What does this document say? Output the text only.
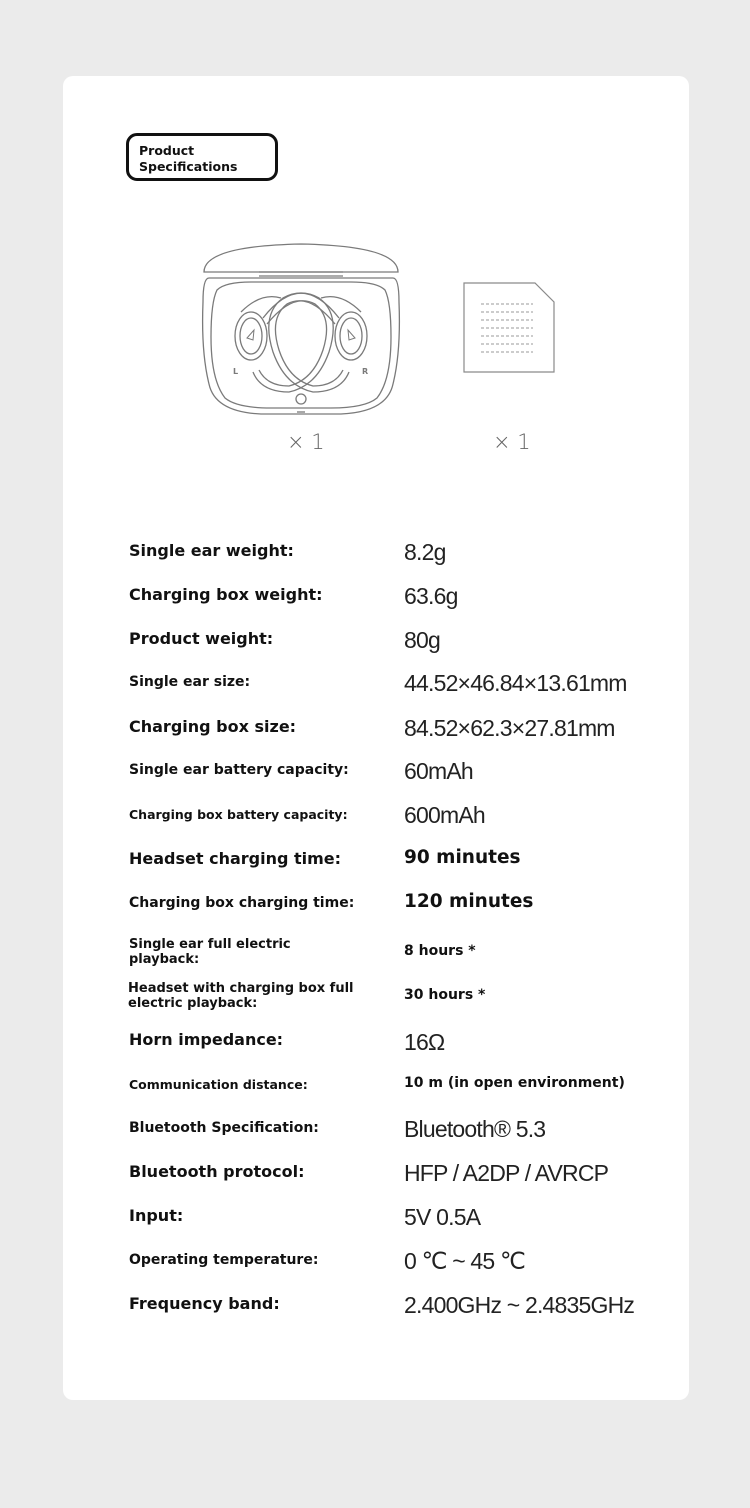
Product
Specifications
L	R
× 1	× 1
Single ear weight:	8.2g
Charging box weight:	63.6g
Product weight:	80g
Single ear size:	44.52×46.84×13.61mm
Charging box size:	84.52×62.3×27.81mm
Single ear battery capacity:	60mAh
Charging box battery capacity:	600mAh
Headset charging time:	90 minutes
Charging box charging time:	120 minutes
Single ear full electric playback:
8 hours *
Headset with charging box full electric playback:
30 hours *
Horn impedance:	16Ω
Communication distance:	10 m (in open environment)
Bluetooth Specification:	Bluetooth® 5.3
Bluetooth protocol:	HFP / A2DP / AVRCP
Input:	5V 0.5A
Operating temperature:	0 ℃ ~ 45 ℃
Frequency band:	2.400GHz ~ 2.4835GHz
